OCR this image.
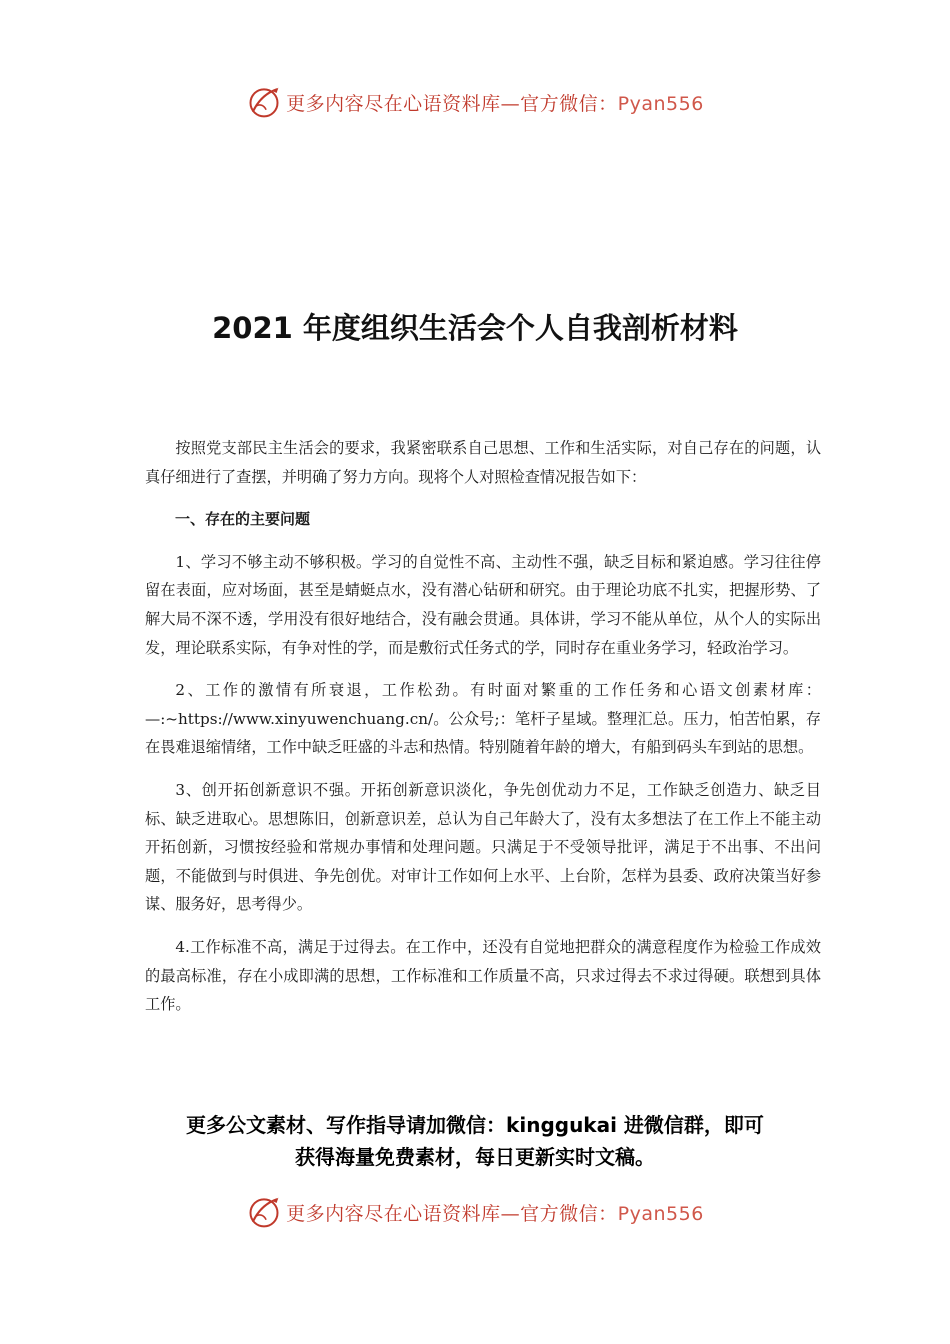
更多内容尽在心语资料库—官方微信：Pyan556
2021 年度组织生活会个人自我剖析材料

按照党支部民主生活会的要求，我紧密联系自己思想、工作和生活实际，对自己存在的问题，认真仔细进行了查摆，并明确了努力方向。现将个人对照检查情况报告如下：

一、存在的主要问题

1、学习不够主动不够积极。学习的自觉性不高、主动性不强，缺乏目标和紧迫感。学习往往停留在表面，应对场面，甚至是蜻蜓点水，没有潜心钻研和研究。由于理论功底不扎实，把握形势、了解大局不深不透，学用没有很好地结合，没有融会贯通。具体讲，学习不能从单位，从个人的实际出发，理论联系实际，有争对性的学，而是敷衍式任务式的学，同时存在重业务学习，轻政治学习。

2、工作的激情有所衰退，工作松劲。有时面对繁重的工作任务和心语文创素材库：—:~https://www.xinyuwenchuang.cn/。公众号;：笔杆子星域。整理汇总。压力，怕苦怕累，存在畏难退缩情绪，工作中缺乏旺盛的斗志和热情。特别随着年龄的增大，有船到码头车到站的思想。

3、创开拓创新意识不强。开拓创新意识淡化，争先创优动力不足，工作缺乏创造力、缺乏目标、缺乏进取心。思想陈旧，创新意识差，总认为自己年龄大了，没有太多想法了在工作上不能主动开拓创新，习惯按经验和常规办事情和处理问题。只满足于不受领导批评，满足于不出事、不出问题，不能做到与时俱进、争先创优。对审计工作如何上水平、上台阶，怎样为县委、政府决策当好参谋、服务好，思考得少。

4.工作标准不高，满足于过得去。在工作中，还没有自觉地把群众的满意程度作为检验工作成效的最高标准，存在小成即满的思想，工作标准和工作质量不高，只求过得去不求过得硬。联想到具体工作。

更多公文素材、写作指导请加微信：kinggukai 进微信群，即可
获得海量免费素材，每日更新实时文稿。
更多内容尽在心语资料库—官方微信：Pyan556
